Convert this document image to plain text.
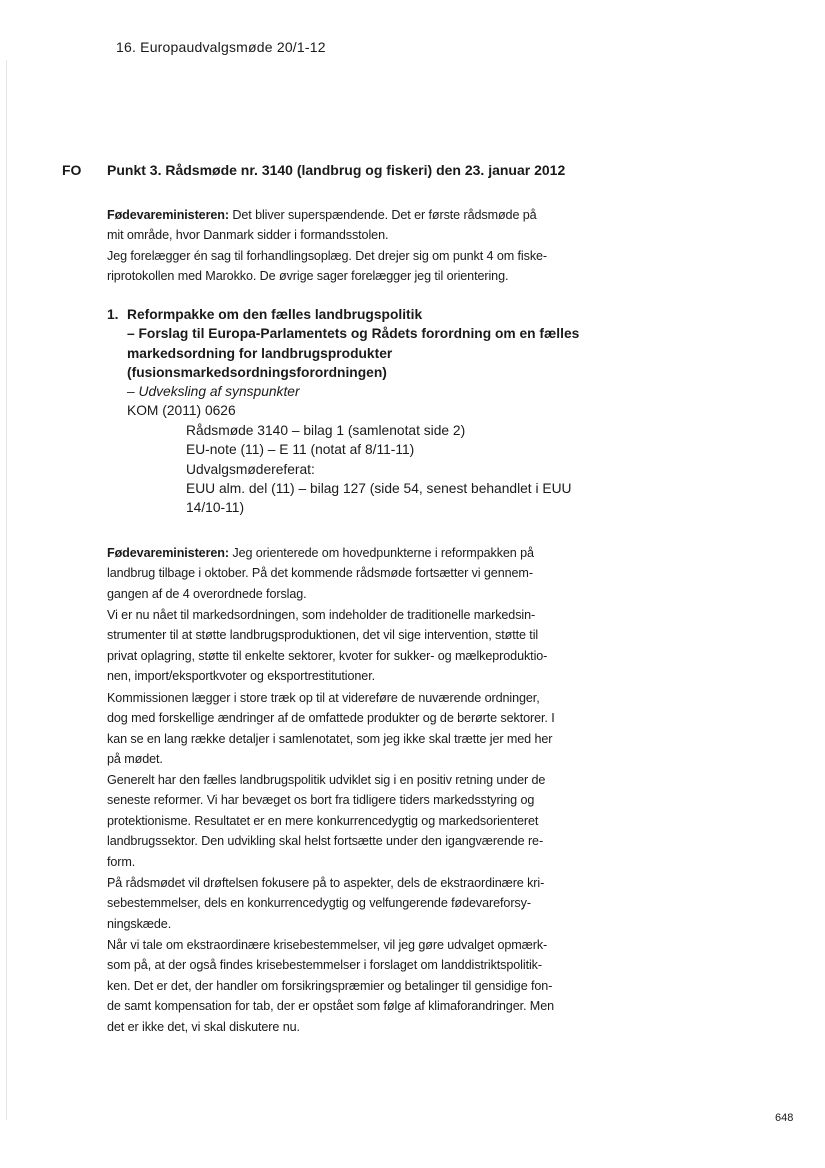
16. Europaudvalgsmøde 20/1-12
FO Punkt 3. Rådsmøde nr. 3140 (landbrug og fiskeri) den 23. januar 2012
Fødevareministeren: Det bliver superspændende. Det er første rådsmøde på
mit område, hvor Danmark sidder i formandsstolen.
Jeg forelægger én sag til forhandlingsoplæg. Det drejer sig om punkt 4 om fiske-
riprotokollen med Marokko. De øvrige sager forelægger jeg til orientering.
1. Reformpakke om den fælles landbrugspolitik
– Forslag til Europa-Parlamentets og Rådets forordning om en fælles
markedsordning for landbrugsprodukter
(fusionsmarkedsordningsforordningen)
– Udveksling af synspunkter
KOM (2011) 0626
Rådsmøde 3140 – bilag 1 (samlenotat side 2)
EU-note (11) – E 11 (notat af 8/11-11)
Udvalgsmødereferat:
EUU alm. del (11) – bilag 127 (side 54, senest behandlet i EUU
14/10-11)
Fødevareministeren: Jeg orienterede om hovedpunkterne i reformpakken på
landbrug tilbage i oktober. På det kommende rådsmøde fortsætter vi gennem-
gangen af de 4 overordnede forslag.
Vi er nu nået til markedsordningen, som indeholder de traditionelle markedsin-
strumenter til at støtte landbrugsproduktionen, det vil sige intervention, støtte til
privat oplagring, støtte til enkelte sektorer, kvoter for sukker- og mælkeproduktio-
nen, import/eksportkvoter og eksportrestitutioner.
Kommissionen lægger i store træk op til at videreføre de nuværende ordninger,
dog med forskellige ændringer af de omfattede produkter og de berørte sektorer. I
kan se en lang række detaljer i samlenotatet, som jeg ikke skal trætte jer med her
på mødet.
Generelt har den fælles landbrugspolitik udviklet sig i en positiv retning under de
seneste reformer. Vi har bevæget os bort fra tidligere tiders markedsstyring og
protektionisme. Resultatet er en mere konkurrencedygtig og markedsorienteret
landbrugssektor. Den udvikling skal helst fortsætte under den igangværende re-
form.
På rådsmødet vil drøftelsen fokusere på to aspekter, dels de ekstraordinære kri-
sebestemmelser, dels en konkurrencedygtig og velfungerende fødevareforsy-
ningskæde.
Når vi tale om ekstraordinære krisebestemmelser, vil jeg gøre udvalget opmærk-
som på, at der også findes krisebestemmelser i forslaget om landdistriktspolitik-
ken. Det er det, der handler om forsikringspræmier og betalinger til gensidige fon-
de samt kompensation for tab, der er opstået som følge af klimaforandringer. Men
det er ikke det, vi skal diskutere nu.
648
